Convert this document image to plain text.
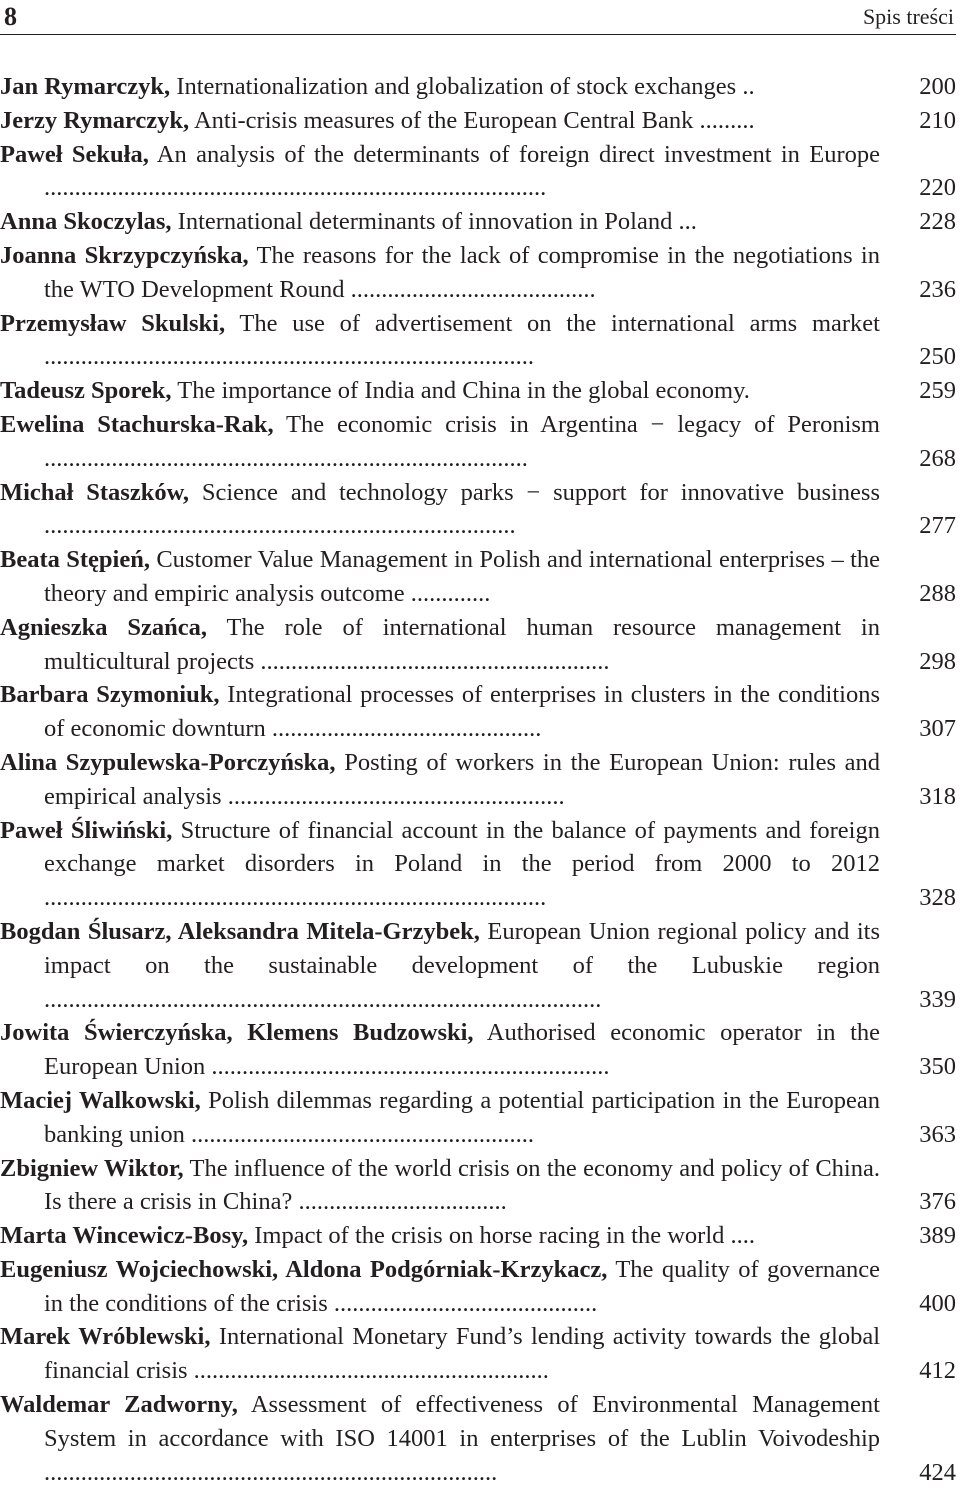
8	Spis treści
Jan Rymarczyk, Internationalization and globalization of stock exchanges ..	200
Jerzy Rymarczyk, Anti-crisis measures of the European Central Bank .........	210
Paweł Sekuła, An analysis of the determinants of foreign direct investment in Europe ..................................................................................	220
Anna Skoczylas, International determinants of innovation in Poland ...	228
Joanna Skrzypczyńska, The reasons for the lack of compromise in the negotiations in the WTO Development Round ........................................	236
Przemysław Skulski, The use of advertisement on the international arms market ................................................................................	250
Tadeusz Sporek, The importance of India and China in the global economy.	259
Ewelina Stachurska-Rak, The economic crisis in Argentina − legacy of Peronism ...............................................................................	268
Michał Staszków, Science and technology parks − support for innovative business .............................................................................	277
Beata Stępień, Customer Value Management in Polish and international enterprises – the theory and empiric analysis outcome .............	288
Agnieszka Szańca, The role of international human resource management in multicultural projects .........................................................	298
Barbara Szymoniuk, Integrational processes of enterprises in clusters in the conditions of economic downturn ............................................	307
Alina Szypulewska-Porczyńska, Posting of workers in the European Union: rules and empirical analysis .......................................................	318
Paweł Śliwiński, Structure of financial account in the balance of payments and foreign exchange market disorders in Poland in the period from 2000 to 2012 ..................................................................................	328
Bogdan Ślusarz, Aleksandra Mitela-Grzybek, European Union regional policy and its impact on the sustainable development of the Lubuskie region ...........................................................................................	339
Jowita Świerczyńska, Klemens Budzowski, Authorised economic operator in the European Union .................................................................	350
Maciej Walkowski, Polish dilemmas regarding a potential participation in the European banking union ........................................................	363
Zbigniew Wiktor, The influence of the world crisis on the economy and policy of China. Is there a crisis in China? ..................................	376
Marta Wincewicz-Bosy, Impact of the crisis on horse racing in the world ....	389
Eugeniusz Wojciechowski, Aldona Podgórniak-Krzykacz, The quality of governance in the conditions of the crisis ...........................................	400
Marek Wróblewski, International Monetary Fund’s lending activity towards the global financial crisis ..........................................................	412
Waldemar Zadworny, Assessment of effectiveness of Environmental Management System in accordance with ISO 14001 in enterprises of the Lublin Voivodeship ..........................................................................	424
